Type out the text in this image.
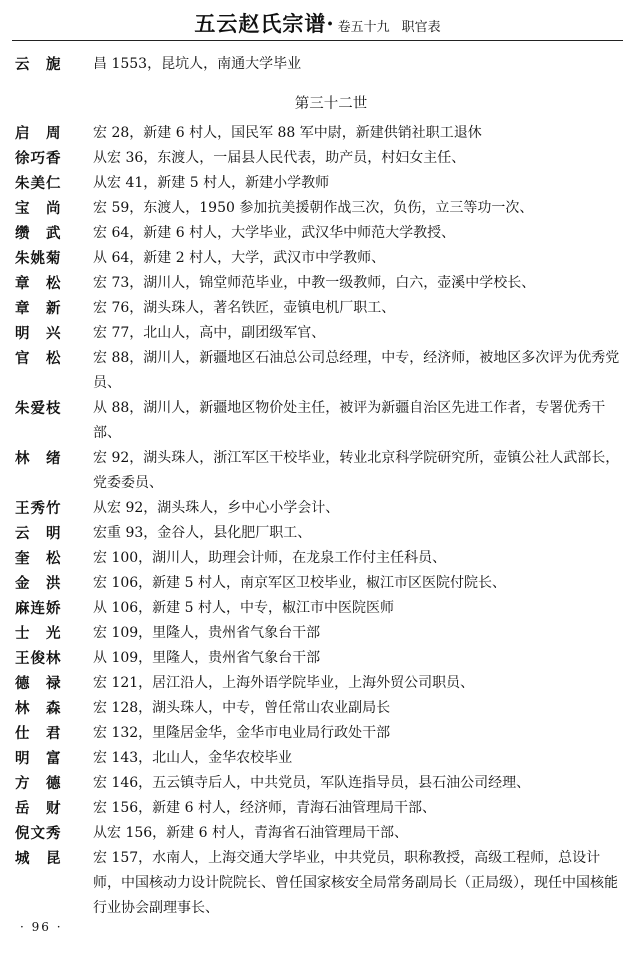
五云赵氏宗谱· 卷五十九 职官表
云　旎	昌 1553，昆坑人，南通大学毕业
第三十二世
启　周	宏 28，新建 6 村人，国民军 88 军中尉，新建供销社职工退休
徐巧香	从宏 36，东渡人，一届县人民代表，助产员，村妇女主任、
朱美仁	从宏 41，新建 5 村人，新建小学教师
宝　尚	宏 59，东渡人，1950 参加抗美援朝作战三次，负伤，立三等功一次、
缵　武	宏 64，新建 6 村人，大学毕业，武汉华中师范大学教授、
朱姚菊	从 64，新建 2 村人，大学，武汉市中学教师、
章　松	宏 73，湖川人，锦堂师范毕业，中教一级教师，白六，壶溪中学校长、
章　新	宏 76，湖头珠人，著名铁匠，壶镇电机厂职工、
明　兴	宏 77，北山人，高中，副团级军官、
官　松	宏 88，湖川人，新疆地区石油总公司总经理，中专，经济师，被地区多次评为优秀党员、
朱爱枝	从 88，湖川人，新疆地区物价处主任，被评为新疆自治区先进工作者，专署优秀干部、
林　绪	宏 92，湖头珠人，浙江军区干校毕业，转业北京科学院研究所，壶镇公社人武部长，党委委员、
王秀竹	从宏 92，湖头珠人，乡中心小学会计、
云　明	宏重 93，金谷人，县化肥厂职工、
奎　松	宏 100，湖川人，助理会计师，在龙泉工作付主任科员、
金　洪	宏 106，新建 5 村人，南京军区卫校毕业，椒江市区医院付院长、
麻连娇	从 106，新建 5 村人，中专，椒江市中医院医师
士　光	宏 109，里隆人，贵州省气象台干部
王俊林	从 109，里隆人，贵州省气象台干部
德　禄	宏 121，居江沿人，上海外语学院毕业，上海外贸公司职员、
林　森	宏 128，湖头珠人，中专，曾任常山农业副局长
仕　君	宏 132，里隆居金华，金华市电业局行政处干部
明　富	宏 143，北山人，金华农校毕业
方　德	宏 146，五云镇寺后人，中共党员，军队连指导员，县石油公司经理、
岳　财	宏 156，新建 6 村人，经济师，青海石油管理局干部、
倪文秀	从宏 156，新建 6 村人，青海省石油管理局干部、
城　昆	宏 157，水南人，上海交通大学毕业，中共党员，职称教授，高级工程师，总设计师，中国核动力设计院院长、曾任国家核安全局常务副局长（正局级），现任中国核能行业协会副理事长、
· 96 ·
